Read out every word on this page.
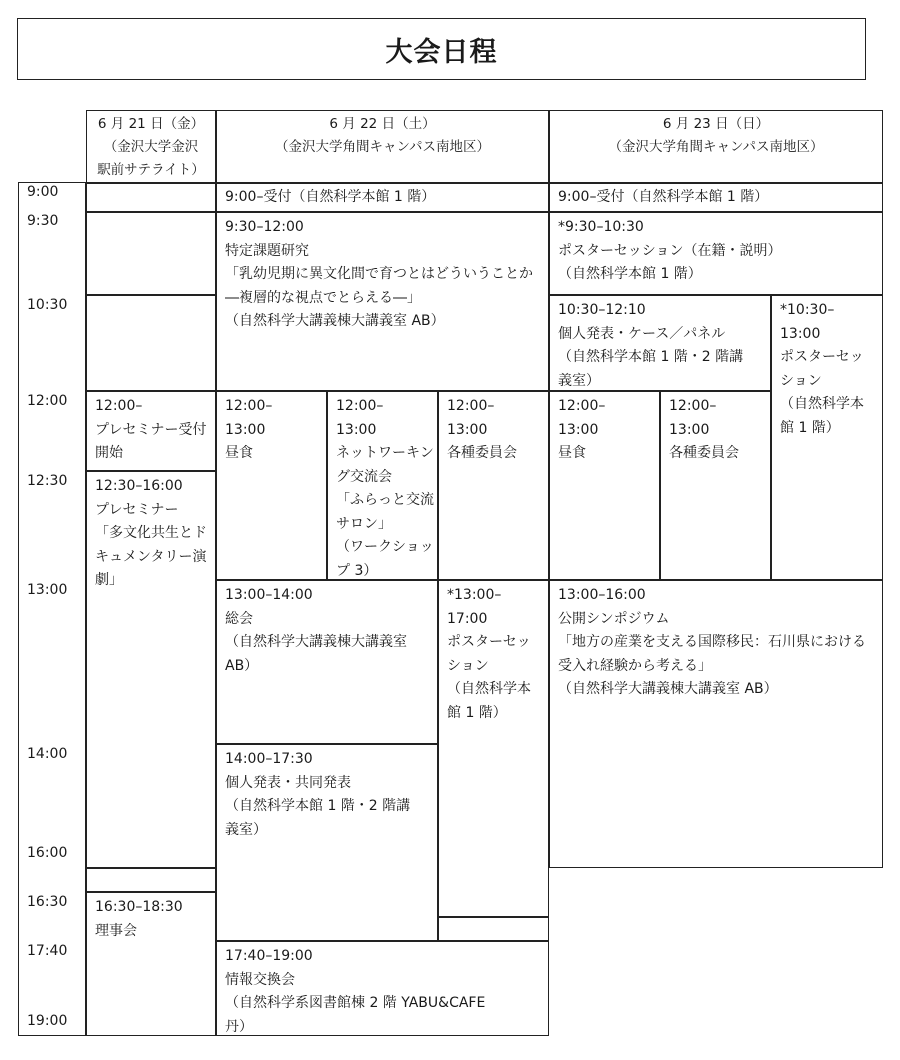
大会日程
6 月 21 日（金）
（金沢大学金沢
駅前サテライト）
6 月 22 日（土）
（金沢大学角間キャンパス南地区）
6 月 23 日（日）
（金沢大学角間キャンパス南地区）
12:00–
プレセミナー受付
開始
12:30–16:00
プレセミナー
「多文化共生とド
キュメンタリー演
劇」
16:30–18:30
理事会
9:00–受付（自然科学本館 1 階）
9:30–12:00
特定課題研究
「乳幼児期に異文化間で育つとはどういうことか
―複層的な視点でとらえる―」
（自然科学大講義棟大講義室 AB）
12:00–
13:00
昼食
12:00–
13:00
ネットワーキン
グ交流会
「ふらっと交流
サロン」
（ワークショッ
プ 3）
12:00–
13:00
各種委員会
13:00–14:00
総会
（自然科学大講義棟大講義室
AB）
*13:00–
17:00
ポスターセッ
ション
（自然科学本
館 1 階）
14:00–17:30
個人発表・共同発表
（自然科学本館 1 階・2 階講
義室）
17:40–19:00
情報交換会
（自然科学系図書館棟 2 階 YABU&CAFE
丹）
9:00–受付（自然科学本館 1 階）
*9:30–10:30
ポスターセッション（在籍・説明）
（自然科学本館 1 階）
10:30–12:10
個人発表・ケース／パネル
（自然科学本館 1 階・2 階講
義室）
*10:30–
13:00
ポスターセッ
ション
（自然科学本
館 1 階）
12:00–
13:00
昼食
12:00–
13:00
各種委員会
13:00–16:00
公開シンポジウム
「地方の産業を支える国際移民：石川県における
受入れ経験から考える」
（自然科学大講義棟大講義室 AB）
9:00
9:30
10:30
12:00
12:30
13:00
14:00
16:00
16:30
17:40
19:00
